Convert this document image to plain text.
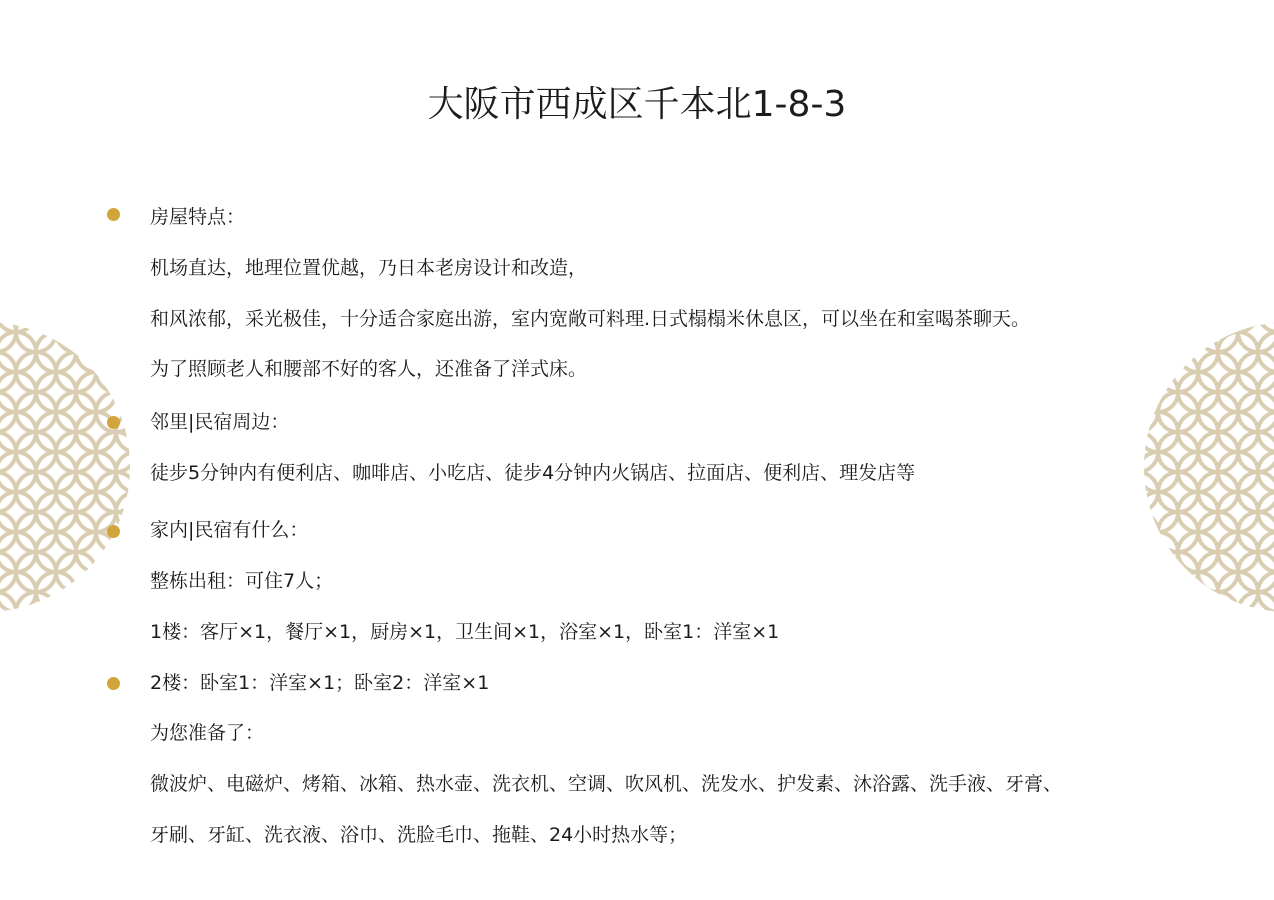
大阪市西成区千本北1-8-3
房屋特点：
机场直达，地理位置优越，乃日本老房设计和改造，
和风浓郁，采光极佳，十分适合家庭出游，室内宽敞可料理.日式榻榻米休息区，可以坐在和室喝茶聊天。
为了照顾老人和腰部不好的客人，还准备了洋式床。
邻里|民宿周边：
徒步5分钟内有便利店、咖啡店、小吃店、徒步4分钟内火锅店、拉面店、便利店、理发店等
家内|民宿有什么：
整栋出租：可住7人；
1楼：客厅×1，餐厅×1，厨房×1，卫生间×1，浴室×1，卧室1：洋室×1
2楼：卧室1：洋室×1；卧室2：洋室×1
为您准备了：
微波炉、电磁炉、烤箱、冰箱、热水壶、洗衣机、空调、吹风机、洗发水、护发素、沐浴露、洗手液、牙膏、
牙刷、牙缸、洗衣液、浴巾、洗脸毛巾、拖鞋、24小时热水等；
